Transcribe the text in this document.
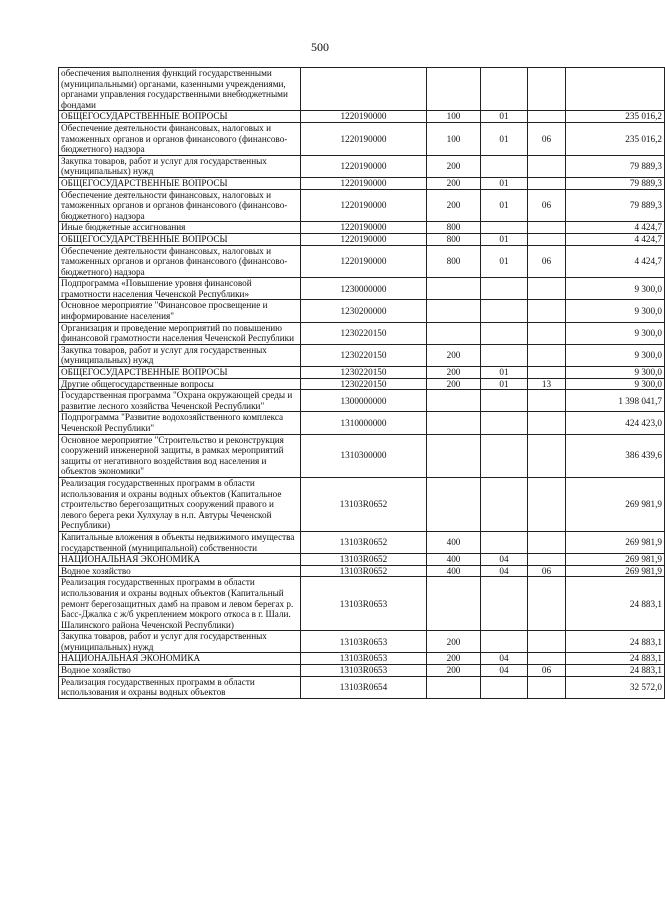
500
обеспечения выполнения функций государственными (муниципальными) органами, казенными учреждениями, органами управления государственными внебюджетными фондами					
ОБЩЕГОСУДАРСТВЕННЫЕ ВОПРОСЫ	1220190000	100	01		235 016,2
Обеспечение деятельности финансовых, налоговых и таможенных органов и органов финансового (финансово-бюджетного) надзора	1220190000	100	01	06	235 016,2
Закупка товаров, работ и услуг для государственных (муниципальных) нужд	1220190000	200			79 889,3
ОБЩЕГОСУДАРСТВЕННЫЕ ВОПРОСЫ	1220190000	200	01		79 889,3
Обеспечение деятельности финансовых, налоговых и таможенных органов и органов финансового (финансово-бюджетного) надзора	1220190000	200	01	06	79 889,3
Иные бюджетные ассигнования	1220190000	800			4 424,7
ОБЩЕГОСУДАРСТВЕННЫЕ ВОПРОСЫ	1220190000	800	01		4 424,7
Обеспечение деятельности финансовых, налоговых и таможенных органов и органов финансового (финансово-бюджетного) надзора	1220190000	800	01	06	4 424,7
Подпрограмма «Повышение уровня финансовой грамотности населения Чеченской Республики»	1230000000				9 300,0
Основное мероприятие "Финансовое просвещение и информирование населения"	1230200000				9 300,0
Организация и проведение мероприятий по повышению финансовой грамотности населения Чеченской Республики	1230220150				9 300,0
Закупка товаров, работ и услуг для государственных (муниципальных) нужд	1230220150	200			9 300,0
ОБЩЕГОСУДАРСТВЕННЫЕ ВОПРОСЫ	1230220150	200	01		9 300,0
Другие общегосударственные вопросы	1230220150	200	01	13	9 300,0
Государственная программа "Охрана окружающей среды и развитие лесного хозяйства Чеченской Республики"	1300000000				1 398 041,7
Подпрограмма "Развитие водохозяйственного комплекса Чеченской Республики"	1310000000				424 423,0
Основное мероприятие "Строительство и реконструкция сооружений инженерной защиты, в рамках мероприятий защиты от негативного воздействия вод населения и объектов экономики"	1310300000				386 439,6
Реализация государственных программ в области использования и охраны водных объектов (Капитальное строительство берегозащитных сооружений правого и левого берега реки Хулхулау в н.п. Автуры Чеченской Республики)	13103R0652				269 981,9
Капитальные вложения в объекты недвижимого имущества государственной (муниципальной) собственности	13103R0652	400			269 981,9
НАЦИОНАЛЬНАЯ ЭКОНОМИКА	13103R0652	400	04		269 981,9
Водное хозяйство	13103R0652	400	04	06	269 981,9
Реализация государственных программ в области использования и охраны водных объектов (Капитальный ремонт берегозащитных дамб на правом и левом берегах р. Басс-Джалка с ж/б укреплением мокрого откоса в г. Шали. Шалинского района Чеченской Республики)	13103R0653				24 883,1
Закупка товаров, работ и услуг для государственных (муниципальных) нужд	13103R0653	200			24 883,1
НАЦИОНАЛЬНАЯ ЭКОНОМИКА	13103R0653	200	04		24 883,1
Водное хозяйство	13103R0653	200	04	06	24 883,1
Реализация государственных программ в области использования и охраны водных объектов	13103R0654				32 572,0
